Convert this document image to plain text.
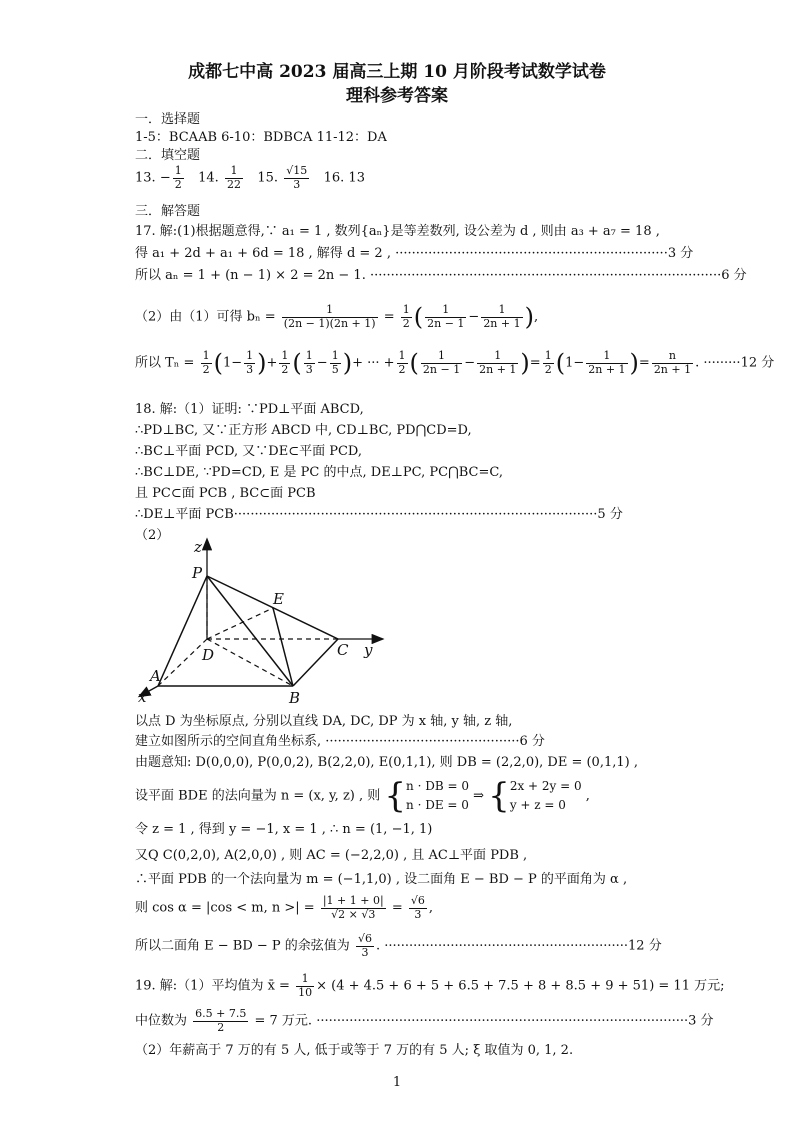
成都七中高 2023 届高三上期 10 月阶段考试数学试卷
理科参考答案
一．选择题
1-5：BCAAB 6-10：BDBCA 11-12：DA
二．填空题
13. − $\frac{1}{2} 14$. $\frac{1}{22} 15$. $\frac{√15}{3} 16$. 13
三．解答题
17. 解:(1)根据题意得,∵ a₁ = 1 , 数列{aₙ}是等差数列, 设公差为 d , 则由 a₃ + a₇ = 18 ,
得 a₁ + 2d + a₁ + 6d = 18 , 解得 d = 2 , ··································································3 分
所以 aₙ = 1 + (n − 1) × 2 = 2n − 1. ·····················································································6 分
（2）由（1）可得 $b_n = \frac{1}{(2n - 1)(2n + 1)} = \frac{1}{2}$ ( $\frac{1}{2n - 1} - \frac{1}{2n + 1}$ ),
所以 $T_n = \frac{1}{2} (1- \frac{1}{3}$ )+ $\frac{1}{2}$ ( $\frac{1}{3} - \frac{1}{5}$ )+ ··· + $\frac{1}{2}$ ( $\frac{1}{2n - 1} - \frac{1}{2n + 1}$ )= $\frac{1}{2} (1- \frac{1}{2n + 1}$ )= $\frac{n}{2n + 1}$ . ·········12 分
18. 解:（1）证明: ∵PD⊥平面 ABCD,
∴PD⊥BC, 又∵正方形 ABCD 中, CD⊥BC, PD⋂CD=D,
∴BC⊥平面 PCD, 又∵DE⊂平面 PCD,
∴BC⊥DE, ∵PD=CD, E 是 PC 的中点, DE⊥PC, PC⋂BC=C,
且 PC⊂面 PCB , BC⊂面 PCB
∴DE⊥平面 PCB························································································5 分
（2）
z
P
E
D	C y
A
x	B
以点 D 为坐标原点, 分别以直线 DA, DC, DP 为 x 轴, y 轴, z 轴,
建立如图所示的空间直角坐标系, ···············································6 分
由题意知: D(0,0,0), P(0,0,2), B(2,2,0), E(0,1,1), 则 DB = (2,2,0), DE = (0,1,1) ,
设平面 BDE 的法向量为 n = (x, y, z) , 则 { n · DB = 0
n · DE = 0
⇒ { 2x + 2y = 0
y + z = 0
,
令 z = 1 , 得到 y = −1, x = 1 , ∴ n = (1, −1, 1)
又Q C(0,2,0), A(2,0,0) , 则 AC = (−2,2,0) , 且 AC⊥平面 PDB ,
∴平面 PDB 的一个法向量为 m = (−1,1,0) , 设二面角 E − BD − P 的平面角为 α ,
则 cos α = |cos < m, n >| = $\frac{|1 + 1 + 0|}{√2 \times √3} = \frac{√6}{3}$ ,
所以二面角 E − BD − P 的余弦值为 $\frac{√6}{3}$ . ···························································12 分
19. 解:（1）平均值为 x̄ = $\frac{1}{10} \times (4 + 4.5 + 6 + 5 + 6.5 + 7.5 + 8 + 8.5 + 9 + 51) = 11$ 万元;
中位数为 $\frac{6.5 + 7.5}{2} = 7$ 万元. ··························································································3 分
（2）年薪高于 7 万的有 5 人, 低于或等于 7 万的有 5 人; ξ 取值为 0, 1, 2.
1
